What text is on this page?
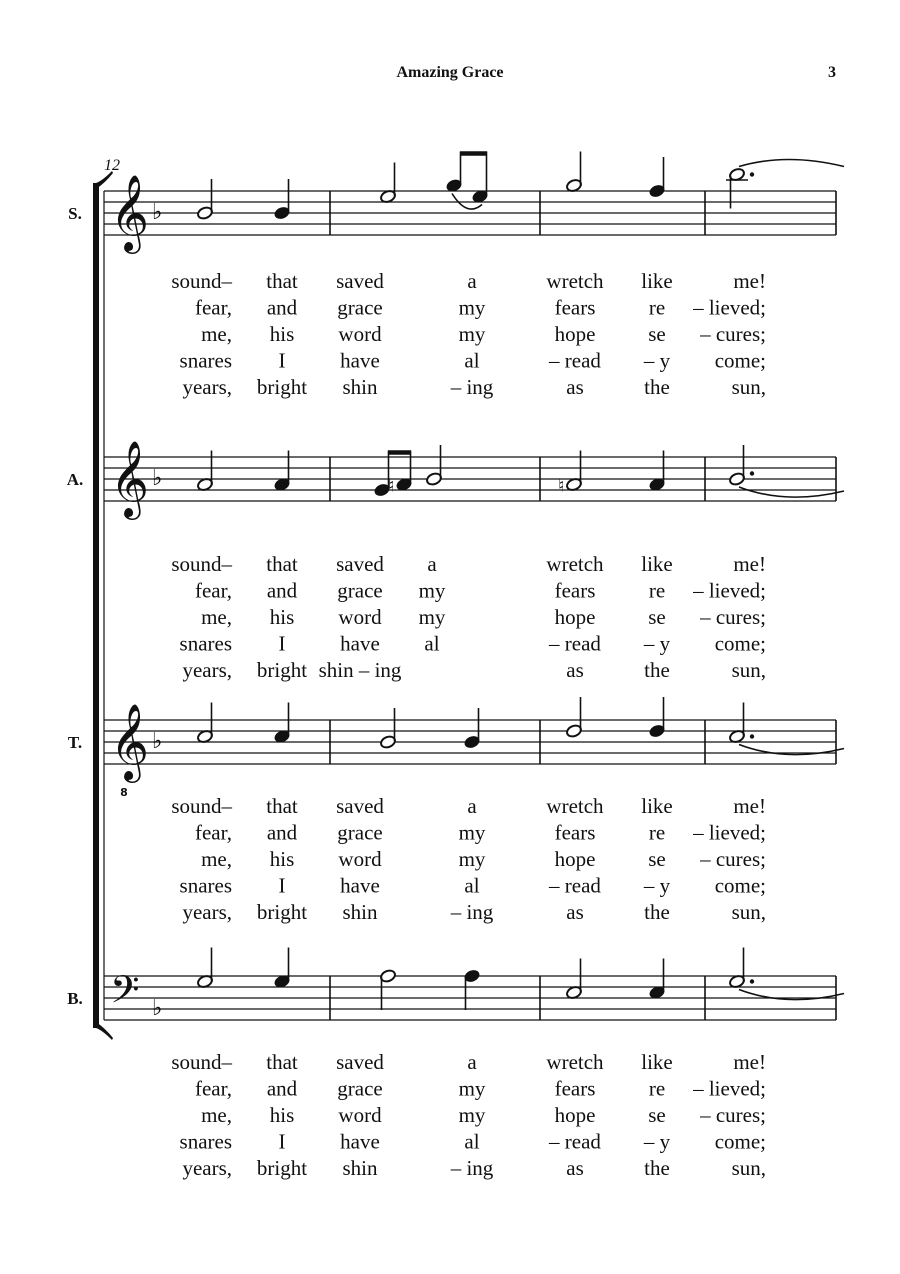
Amazing Grace	3
12
S. 𝄞 ♭
sound– that saved	a	wretch like	me!
fear, and grace	my	fears	re – lieved;
me, his word	my	hope	se – cures;
snares I	have	al	– read – y come;
years, bright shin	– ing	as	the	sun,
A. 𝄞 ♭	♮	♮
sound– that saved a	wretch like	me!
fear, and grace my	fears	re – lieved;
me, his word my	hope	se – cures;
snares I	have al	– read – y come;
years, bright shin – ing	as	the	sun,
T. 𝄞
8
♭
sound– that saved	a	wretch like	me!
fear, and grace	my	fears	re – lieved;
me, his word	my	hope	se – cures;
snares I	have	al	– read – y come;
years, bright shin	– ing	as	the	sun,
B. 𝄢 ♭
sound– that saved	a	wretch like	me!
fear, and grace	my	fears	re – lieved;
me, his word	my	hope	se – cures;
snares I	have	al	– read – y come;
years, bright shin	– ing	as	the	sun,
